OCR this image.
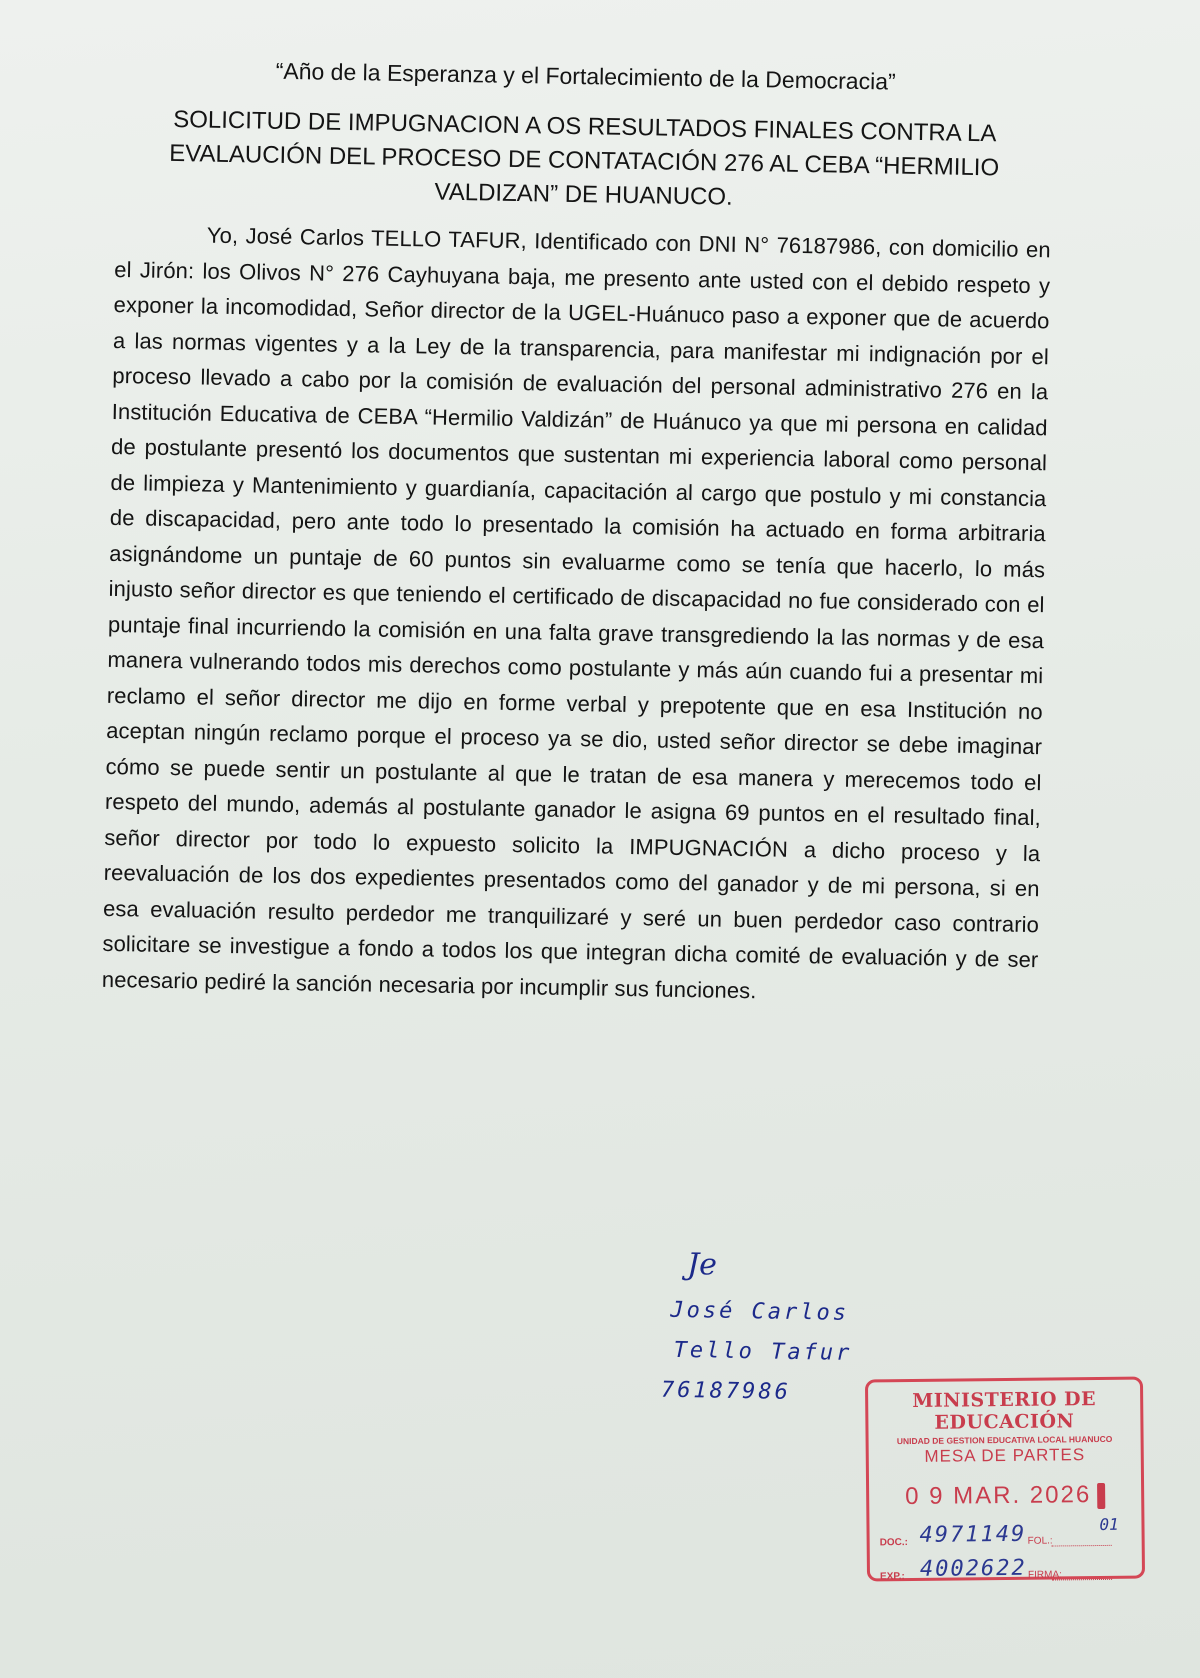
“Año de la Esperanza y el Fortalecimiento de la Democracia”

SOLICITUD DE IMPUGNACION A OS RESULTADOS FINALES CONTRA LA EVALAUCIÓN DEL PROCESO DE CONTATACIÓN 276 AL CEBA “HERMILIO VALDIZAN” DE HUANUCO.

Yo, José Carlos TELLO TAFUR, Identificado con DNI N° 76187986, con domicilio en el Jirón: los Olivos N° 276 Cayhuyana baja, me presento ante usted con el debido respeto y exponer la incomodidad, Señor director de la UGEL-Huánuco paso a exponer que de acuerdo a las normas vigentes y a la Ley de la transparencia, para manifestar mi indignación por el proceso llevado a cabo por la comisión de evaluación del personal administrativo 276 en la Institución Educativa de CEBA “Hermilio Valdizán” de Huánuco ya que mi persona en calidad de postulante presentó los documentos que sustentan mi experiencia laboral como personal de limpieza y Mantenimiento y guardianía, capacitación al cargo que postulo y mi constancia de discapacidad, pero ante todo lo presentado la comisión ha actuado en forma arbitraria asignándome un puntaje de 60 puntos sin evaluarme como se tenía que hacerlo, lo más injusto señor director es que teniendo el certificado de discapacidad no fue considerado con el puntaje final incurriendo la comisión en una falta grave transgrediendo la las normas y de esa manera vulnerando todos mis derechos como postulante y más aún cuando fui a presentar mi reclamo el señor director me dijo en forme verbal y prepotente que en esa Institución no aceptan ningún reclamo porque el proceso ya se dio, usted señor director se debe imaginar cómo se puede sentir un postulante al que le tratan de esa manera y merecemos todo el respeto del mundo, además al postulante ganador le asigna 69 puntos en el resultado final, señor director por todo lo expuesto solicito la IMPUGNACIÓN a dicho proceso y la reevaluación de los dos expedientes presentados como del ganador y de mi persona, si en esa evaluación resulto perdedor me tranquilizaré y seré un buen perdedor caso contrario solicitare se investigue a fondo a todos los que integran dicha comité de evaluación y de ser necesario pediré la sanción necesaria por incumplir sus funciones.

Je
José Carlos
Tello Tafur
76187986	MINISTERIO DE EDUCACIÓN
UNIDAD DE GESTION EDUCATIVA LOCAL HUANUCO
MESA DE PARTES
0 9 MAR. 2026
DOC.: 4971149 FOL.:
01
EXP.: 4002622 FIRMA:
